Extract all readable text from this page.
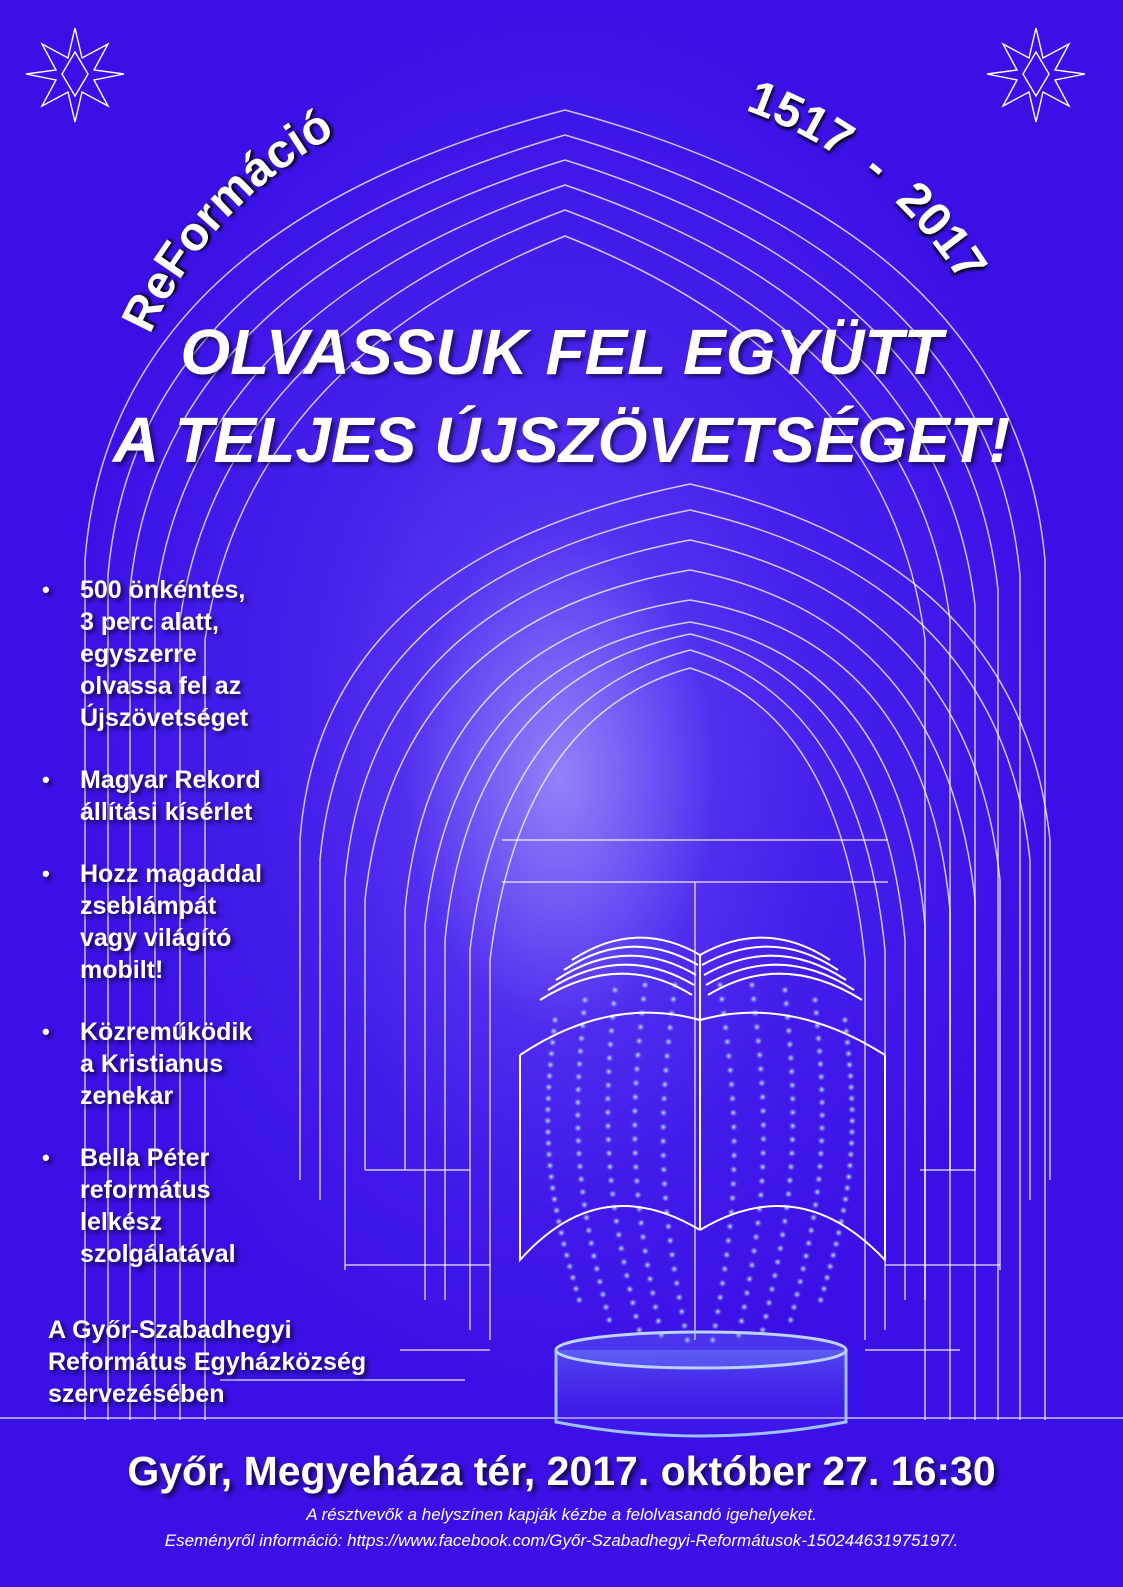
ReFormáció	1517  -  2017
OLVASSUK FEL EGYÜTT
A TELJES ÚJSZÖVETSÉGET!
• 500 önkéntes,
3 perc alatt,
egyszerre
olvassa fel az
Újszövetséget
• Magyar Rekord
állítási kísérlet
• Hozz magaddal
zseblámpát
vagy világító
mobilt!
• Közreműködik
a Kristianus
zenekar
• Bella Péter
református
lelkész
szolgálatával
A Győr-Szabadhegyi
Református Egyházközség
szervezésében
Győr, Megyeháza tér, 2017. október 27. 16:30
A résztvevők a helyszínen kapják kézbe a felolvasandó igehelyeket.
Eseményről információ: https://www.facebook.com/Győr-Szabadhegyi-Reformátusok-150244631975197/.
